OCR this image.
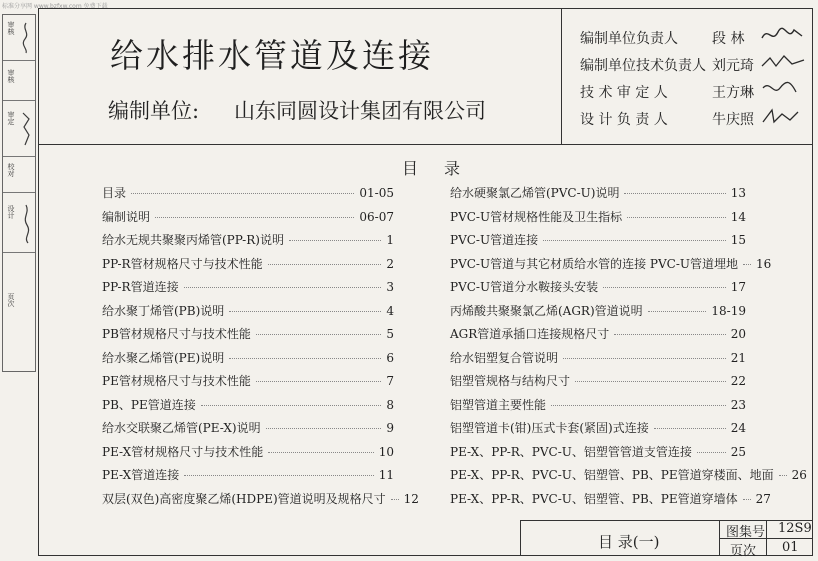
标准分享网 www.bzfxw.com 免费下载
审核
审核
审定
校对
设计
页次
给水排水管道及连接
编制单位: 山东同圆设计集团有限公司
编制单位负责人 段 林
编制单位技术负责人 刘元琦
技 术 审 定 人	王方琳
设 计 负 责 人	牛庆照
目 录
目录	01-05
编制说明	06-07
给水无规共聚聚丙烯管(PP-R)说明	1
PP-R管材规格尺寸与技术性能	2
PP-R管道连接	3
给水聚丁烯管(PB)说明	4
PB管材规格尺寸与技术性能	5
给水聚乙烯管(PE)说明	6
PE管材规格尺寸与技术性能	7
PB、PE管道连接	8
给水交联聚乙烯管(PE-X)说明	9
PE-X管材规格尺寸与技术性能	10
PE-X管道连接	11
双层(双色)高密度聚乙烯(HDPE)管道说明及规格尺寸 12
给水硬聚氯乙烯管(PVC-U)说明	13
PVC-U管材规格性能及卫生指标	14
PVC-U管道连接	15
PVC-U管道与其它材质给水管的连接 PVC-U管道埋地 16
PVC-U管道分水鞍接头安装	17
丙烯酸共聚聚氯乙烯(AGR)管道说明	18-19
AGR管道承插口连接规格尺寸	20
给水铝塑复合管说明	21
铝塑管规格与结构尺寸	22
铝塑管道主要性能	23
铝塑管道卡(钳)压式卡套(紧固)式连接	24
PE-X、PP-R、PVC-U、铝塑管管道支管连接	25
PE-X、PP-R、PVC-U、铝塑管、PB、PE管道穿楼面、地面 26
PE-X、PP-R、PVC-U、铝塑管、PB、PE管道穿墙体 27
目 录(一)
图集号 12S9
页次 01
